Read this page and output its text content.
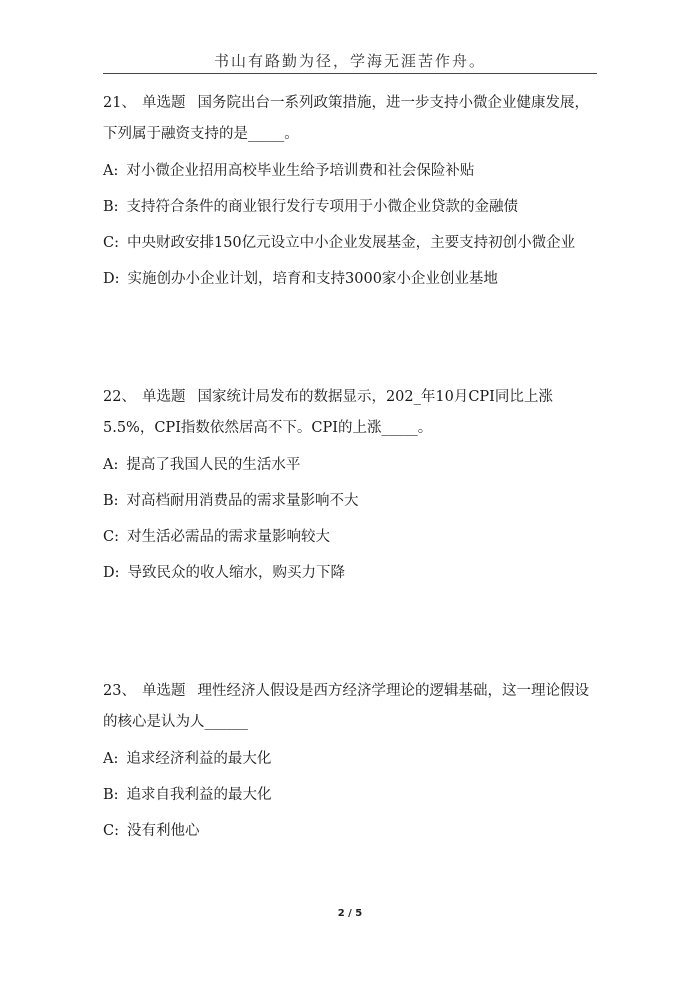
书山有路勤为径，学海无涯苦作舟。

21、 单选题 国务院出台一系列政策措施，进一步支持小微企业健康发展，下列属于融资支持的是_____。

A: 对小微企业招用高校毕业生给予培训费和社会保险补贴
B: 支持符合条件的商业银行发行专项用于小微企业贷款的金融债
C: 中央财政安排150亿元设立中小企业发展基金，主要支持初创小微企业
D: 实施创办小企业计划，培育和支持3000家小企业创业基地

22、 单选题 国家统计局发布的数据显示，202_年10月CPI同比上涨5.5%，CPI指数依然居高不下。CPI的上涨_____。

A: 提高了我国人民的生活水平
B: 对高档耐用消费品的需求量影响不大
C: 对生活必需品的需求量影响较大
D: 导致民众的收人缩水，购买力下降

23、 单选题 理性经济人假设是西方经济学理论的逻辑基础，这一理论假设的核心是认为人______

A: 追求经济利益的最大化
B: 追求自我利益的最大化
C: 没有利他心
2 / 5
